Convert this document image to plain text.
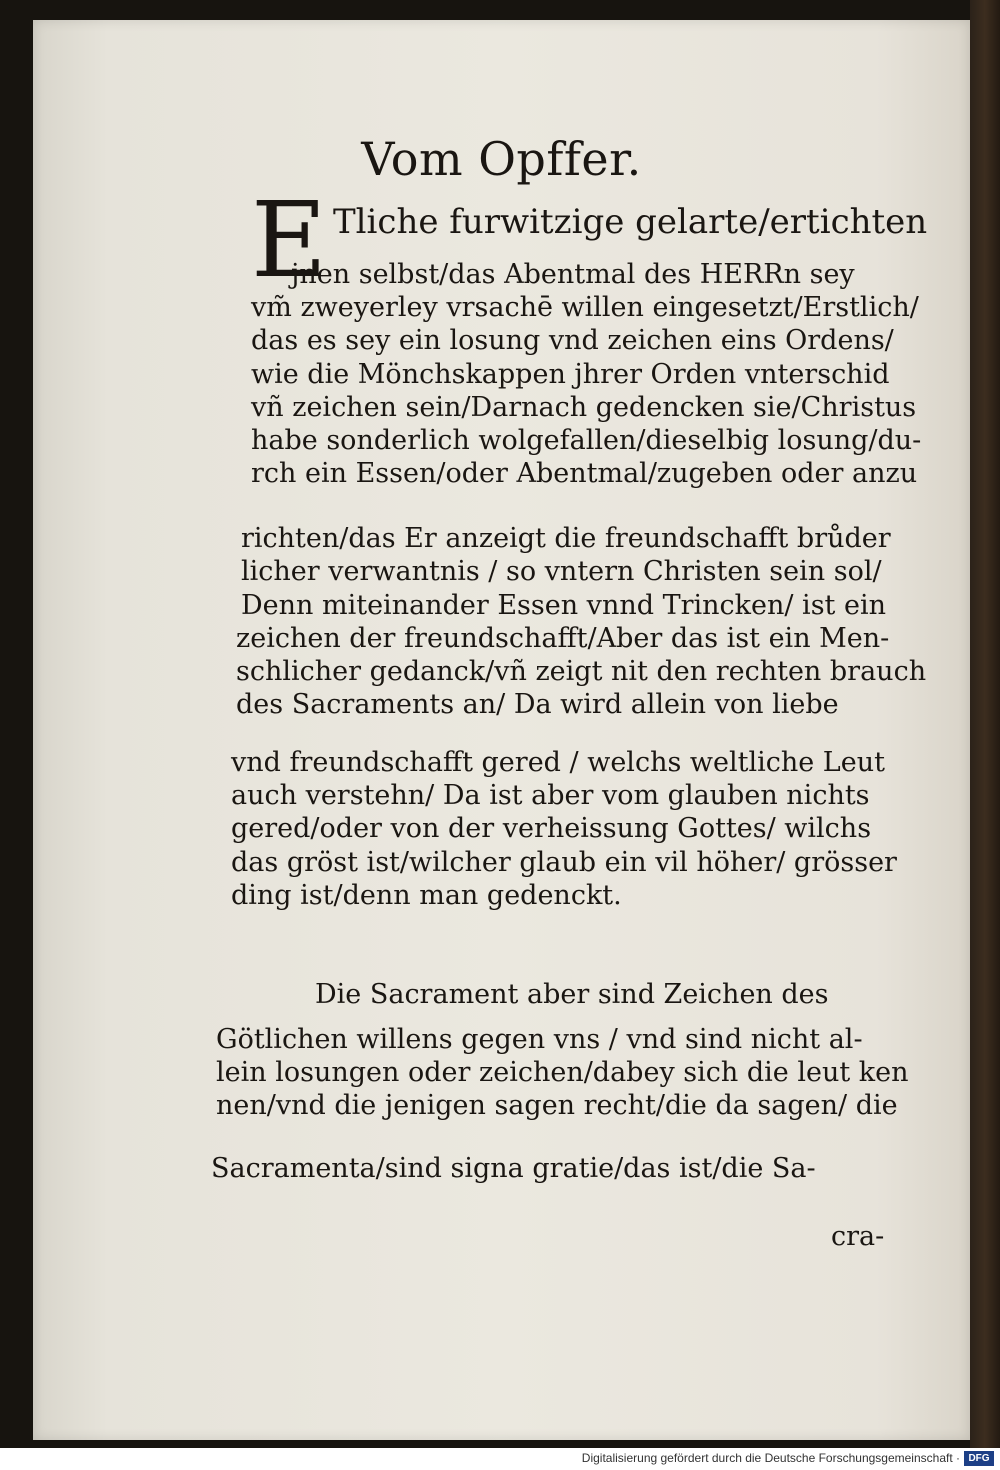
Vom Opffer.
E Tliche furwitzige gelarte/ertichten
jnen selbst/das Abentmal des HERRn sey
vm̃ zweyerley vrsachē willen eingesetzt/Erstlich/
das es sey ein losung vnd zeichen eins Ordens/
wie die Mönchskappen jhrer Orden vnterschid
vñ zeichen sein/Darnach gedencken sie/Christus
habe sonderlich wolgefallen/dieselbig losung/du-
rch ein Essen/oder Abentmal/zugeben oder anzu
richten/das Er anzeigt die freundschafft brůder
licher verwantnis / so vntern Christen sein sol/
Denn miteinander Essen vnnd Trincken/ ist ein
zeichen der freundschafft/Aber das ist ein Men-
schlicher gedanck/vñ zeigt nit den rechten brauch
des Sacraments an/ Da wird allein von liebe
vnd freundschafft gered / welchs weltliche Leut
auch verstehn/ Da ist aber vom glauben nichts
gered/oder von der verheissung Gottes/ wilchs
das gröst ist/wilcher glaub ein vil höher/ grösser
ding ist/denn man gedenckt.
Die Sacrament aber sind Zeichen des
Götlichen willens gegen vns / vnd sind nicht al-
lein losungen oder zeichen/dabey sich die leut ken
nen/vnd die jenigen sagen recht/die da sagen/ die
Sacramenta/sind signa gratie/das ist/die Sa-
cra-
Digitalisierung gefördert durch die Deutsche Forschungsgemeinschaft · DFG
